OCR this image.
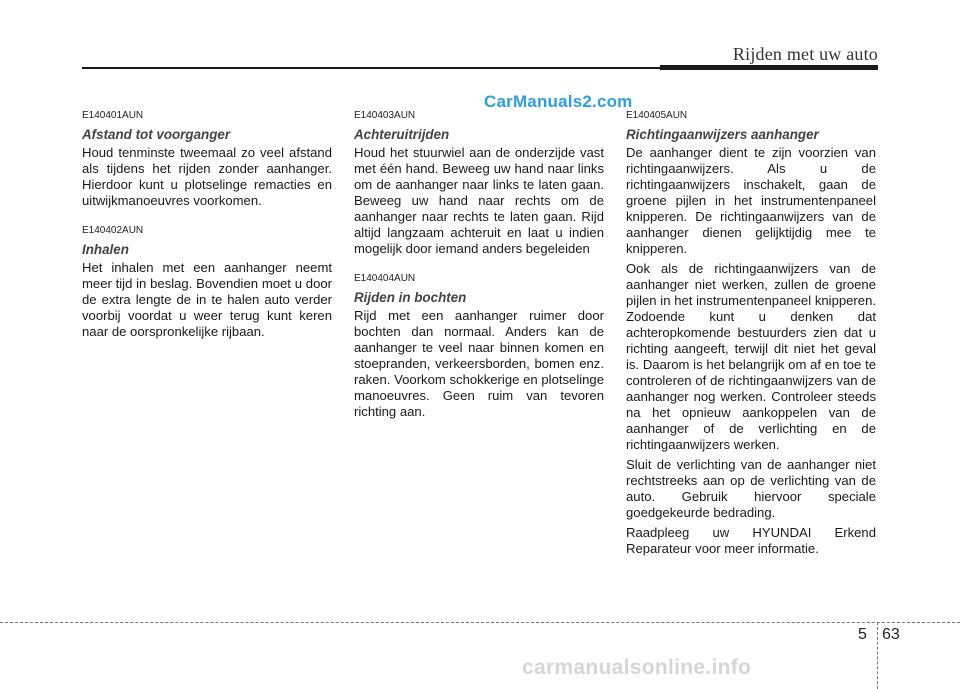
Rijden met uw auto
CarManuals2.com
E140401AUN
Afstand tot voorganger

Houd tenminste tweemaal zo veel afstand als tijdens het rijden zonder aanhanger. Hierdoor kunt u plotselinge remacties en uitwijkmanoeuvres voorkomen.

E140402AUN
Inhalen

Het inhalen met een aanhanger neemt meer tijd in beslag. Bovendien moet u door de extra lengte de in te halen auto verder voorbij voordat u weer terug kunt keren naar de oorspronkelijke rijbaan.

E140403AUN
Achteruitrijden

Houd het stuurwiel aan de onderzijde vast met één hand. Beweeg uw hand naar links om de aanhanger naar links te laten gaan. Beweeg uw hand naar rechts om de aanhanger naar rechts te laten gaan. Rijd altijd langzaam achteruit en laat u indien mogelijk door iemand anders begeleiden

E140404AUN
Rijden in bochten

Rijd met een aanhanger ruimer door bochten dan normaal. Anders kan de aanhanger te veel naar binnen komen en stoepranden, verkeersborden, bomen enz. raken. Voorkom schokkerige en plotselinge manoeuvres. Geen ruim van tevoren richting aan.

E140405AUN
Richtingaanwijzers aanhanger

De aanhanger dient te zijn voorzien van richtingaanwijzers. Als u de richtingaanwijzers inschakelt, gaan de groene pijlen in het instrumentenpaneel knipperen. De richtingaanwijzers van de aanhanger dienen gelijktijdig mee te knipperen.

Ook als de richtingaanwijzers van de aanhanger niet werken, zullen de groene pijlen in het instrumentenpaneel knipperen. Zodoende kunt u denken dat achteropkomende bestuurders zien dat u richting aangeeft, terwijl dit niet het geval is. Daarom is het belangrijk om af en toe te controleren of de richtingaanwijzers van de aanhanger nog werken. Controleer steeds na het opnieuw aankoppelen van de aanhanger of de verlichting en de richtingaanwijzers werken.

Sluit de verlichting van de aanhanger niet rechtstreeks aan op de verlichting van de auto. Gebruik hiervoor speciale goedgekeurde bedrading.

Raadpleeg uw HYUNDAI Erkend Reparateur voor meer informatie.

5 63
carmanualsonline.info
